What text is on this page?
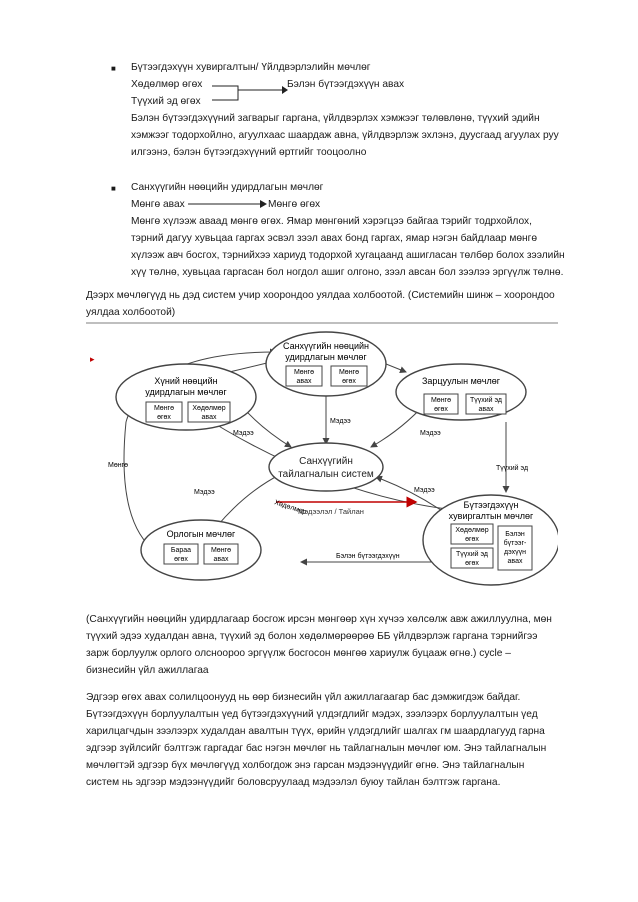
■ Бүтээгдэхүүн хувиргалтын/ Үйлдвэрлэлийн мөчлөг
Хөдөлмөр өгөх	Бэлэн бүтээгдэхүүн авах
Түүхий эд өгөх
Бэлэн бүтээгдэхүүний загварыг гаргана, үйлдвэрлэх хэмжээг төлөвлөнө, түүхий эдийн
хэмжээг тодорхойлно, агуулхаас шаардаж авна, үйлдвэрлэж эхлэнэ, дуусгаад агуулах руу
илгээнэ, бэлэн бүтээгдэхүүний өртгийг тооцоолно
■ Санхүүгийн нөөцийн удирдлагын мөчлөг
Мөнгө авах	Мөнгө өгөх
Мөнгө хүлээж аваад мөнгө өгөх. Ямар мөнгөний хэрэгцээ байгаа тэрийг тодрхойлох,
тэрний дагуу хувьцаа гаргах эсвэл зээл авах бонд гаргах, ямар нэгэн байдлаар мөнгө
хүлээж авч босгох, тэрнийхээ хариуд тодорхой хугацаанд ашигласан төлбөр болох зээлийн
хүү төлнө, хувьцаа гаргасан бол ногдол ашиг олгоно, зээл авсан бол зээлээ эргүүлж төлнө.
Дээрх мөчлөгүүд нь дэд систем учир хоорондоо уялдаа холбоотой. (Системийн шинж – хоорондоо
уялдаа холбоотой)
▸
Санхүүгийн
тайлагналын систем
Санхүүгийн нөөцийн
удирдлагын мөчлөг
Мөнгө
авах
Мөнгө
өгөх
Хүний нөөцийн
удирдлагын мөчлөг
Мөнгө
өгөх
Хөдөлмөр
авах
Зарцуулын мөчлөг
Мөнгө
өгөх
Түүхий эд
авах
Орлогын мөчлөг
Бараа
өгөх
Мөнгө
авах
Бүтээгдэхүүн
хувиргалтын мөчлөг
Хөдөлмөр
өгөх
Түүхий эд
өгөх
Бэлэн
бүтээг-
дэхүүн
авах
Мэдээ
Мэдээ	Мэдээ
Мэдээ	Мэдээ
Мөнгө
Хөдөлмөр
Түүхий эд
Мэдээлэл / Тайлан
Бэлэн бүтээгдэхүүн
(Санхүүгийн нөөцийн удирдлагаар босгож ирсэн мөнгөөр хүн хүчээ хөлсөлж авж ажиллуулна, мөн
түүхий эдээ худалдан авна, түүхий эд болон хөдөлмөрөөрөө ББ үйлдвэрлэж гаргана тэрнийгээ
зарж борлуулж орлого олсноороо эргүүлж босгосон мөнгөө хариулж буцааж өгнө.) cycle –
бизнесийн үйл ажиллагаа
Эдгээр өгөх авах солилцоонууд нь өөр бизнесийн үйл ажиллагаагар бас дэмжигдэж байдаг.
Бүтээгдэхүүн борлуулалтын үед бүтээгдэхүүний үлдэгдлийг мэдэх, зээлээрх борлуулалтын үед
харилцагчдын зээлээрх худалдан авалтын түүх, өрийн үлдэгдлийг шалгах гм шаардлагууд гарна
эдгээр зүйлсийг бэлтгэж гаргадаг бас нэгэн мөчлөг нь тайлагналын мөчлөг юм. Энэ тайлагналын
мөчлөгтэй эдгээр бүх мөчлөгүүд холбогдож энэ гарсан мэдээнүүдийг өгнө. Энэ тайлагналын
систем нь эдгээр мэдээнүүдийг боловсруулаад мэдээлэл буюу тайлан бэлтгэж гаргана.
